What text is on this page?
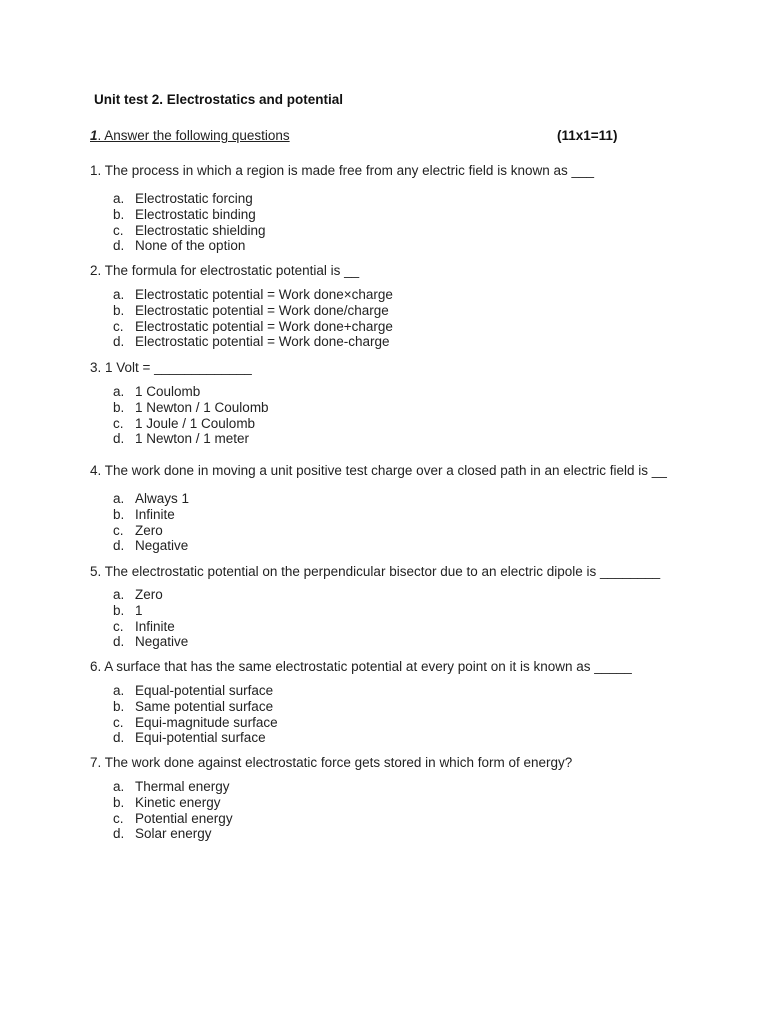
Unit test 2. Electrostatics and potential
1. Answer the following questions	(11x1=11)
1. The process in which a region is made free from any electric field is known as ___
a. Electrostatic forcing
b. Electrostatic binding
c. Electrostatic shielding
d. None of the option
2. The formula for electrostatic potential is __
a. Electrostatic potential = Work done×charge
b. Electrostatic potential = Work done/charge
c. Electrostatic potential = Work done+charge
d. Electrostatic potential = Work done-charge
3. 1 Volt = _____________
a. 1 Coulomb
b. 1 Newton / 1 Coulomb
c. 1 Joule / 1 Coulomb
d. 1 Newton / 1 meter
4. The work done in moving a unit positive test charge over a closed path in an electric field is __
a. Always 1
b. Infinite
c. Zero
d. Negative
5. The electrostatic potential on the perpendicular bisector due to an electric dipole is ________
a. Zero
b. 1
c. Infinite
d. Negative
6. A surface that has the same electrostatic potential at every point on it is known as _____
a. Equal-potential surface
b. Same potential surface
c. Equi-magnitude surface
d. Equi-potential surface
7. The work done against electrostatic force gets stored in which form of energy?
a. Thermal energy
b. Kinetic energy
c. Potential energy
d. Solar energy
